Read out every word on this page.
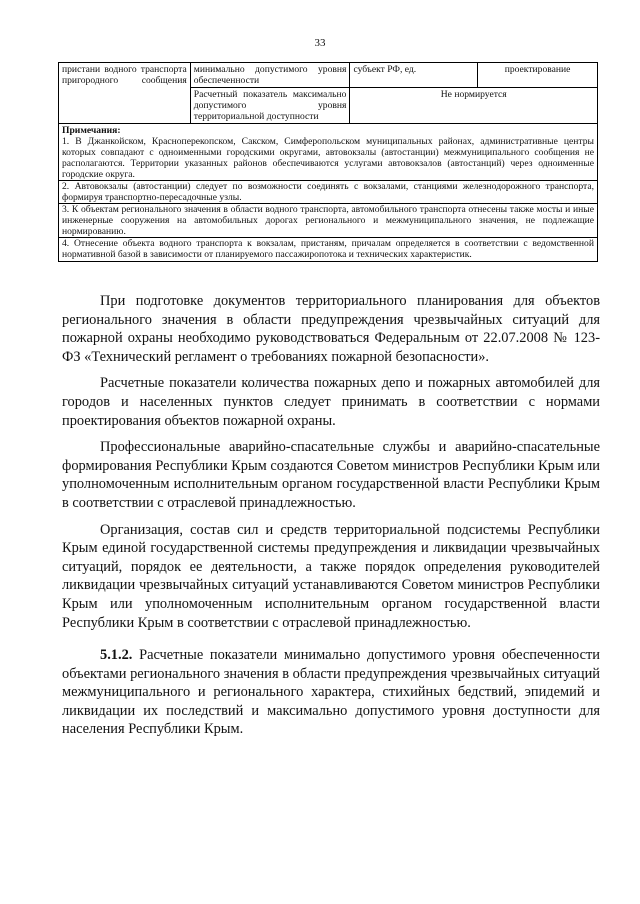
33
пристани водного транспорта пригородного сообщения	минимально допустимого уровня обеспеченности	субъект РФ, ед.	проектирование
	Расчетный показатель максимально допустимого уровня территориальной доступности	Не нормируется	

Примечания:
1. В Джанкойском, Красноперекопском, Сакском, Симферопольском муниципальных районах, административные центры которых совпадают с одноименными городскими округами, автовокзалы (автостанции) межмуниципального сообщения не располагаются. Территории указанных районов обеспечиваются услугами автовокзалов (автостанций) через одноименные городские округа.
2. Автовокзалы (автостанции) следует по возможности соединять с вокзалами, станциями железнодорожного транспорта, формируя транспортно-пересадочные узлы.
3. К объектам регионального значения в области водного транспорта, автомобильного транспорта отнесены также мосты и иные инженерные сооружения на автомобильных дорогах регионального и межмуниципального значения, не подлежащие нормированию.
4. Отнесение объекта водного транспорта к вокзалам, пристаням, причалам определяется в соответствии с ведомственной нормативной базой в зависимости от планируемого пассажиропотока и технических характеристик.			

При подготовке документов территориального планирования для объектов регионального значения в области предупреждения чрезвычайных ситуаций для пожарной охраны необходимо руководствоваться Федеральным от 22.07.2008 № 123-ФЗ «Технический регламент о требованиях пожарной безопасности».

Расчетные показатели количества пожарных депо и пожарных автомобилей для городов и населенных пунктов следует принимать в соответствии с нормами проектирования объектов пожарной охраны.

Профессиональные аварийно-спасательные службы и аварийно-спасательные формирования Республики Крым создаются Советом министров Республики Крым или уполномоченным исполнительным органом государственной власти Республики Крым в соответствии с отраслевой принадлежностью.

Организация, состав сил и средств территориальной подсистемы Республики Крым единой государственной системы предупреждения и ликвидации чрезвычайных ситуаций, порядок ее деятельности, а также порядок определения руководителей ликвидации чрезвычайных ситуаций устанавливаются Советом министров Республики Крым или уполномоченным исполнительным органом государственной власти Республики Крым в соответствии с отраслевой принадлежностью.

5.1.2. Расчетные показатели минимально допустимого уровня обеспеченности объектами регионального значения в области предупреждения чрезвычайных ситуаций межмуниципального и регионального характера, стихийных бедствий, эпидемий и ликвидации их последствий и максимально допустимого уровня доступности для населения Республики Крым.
